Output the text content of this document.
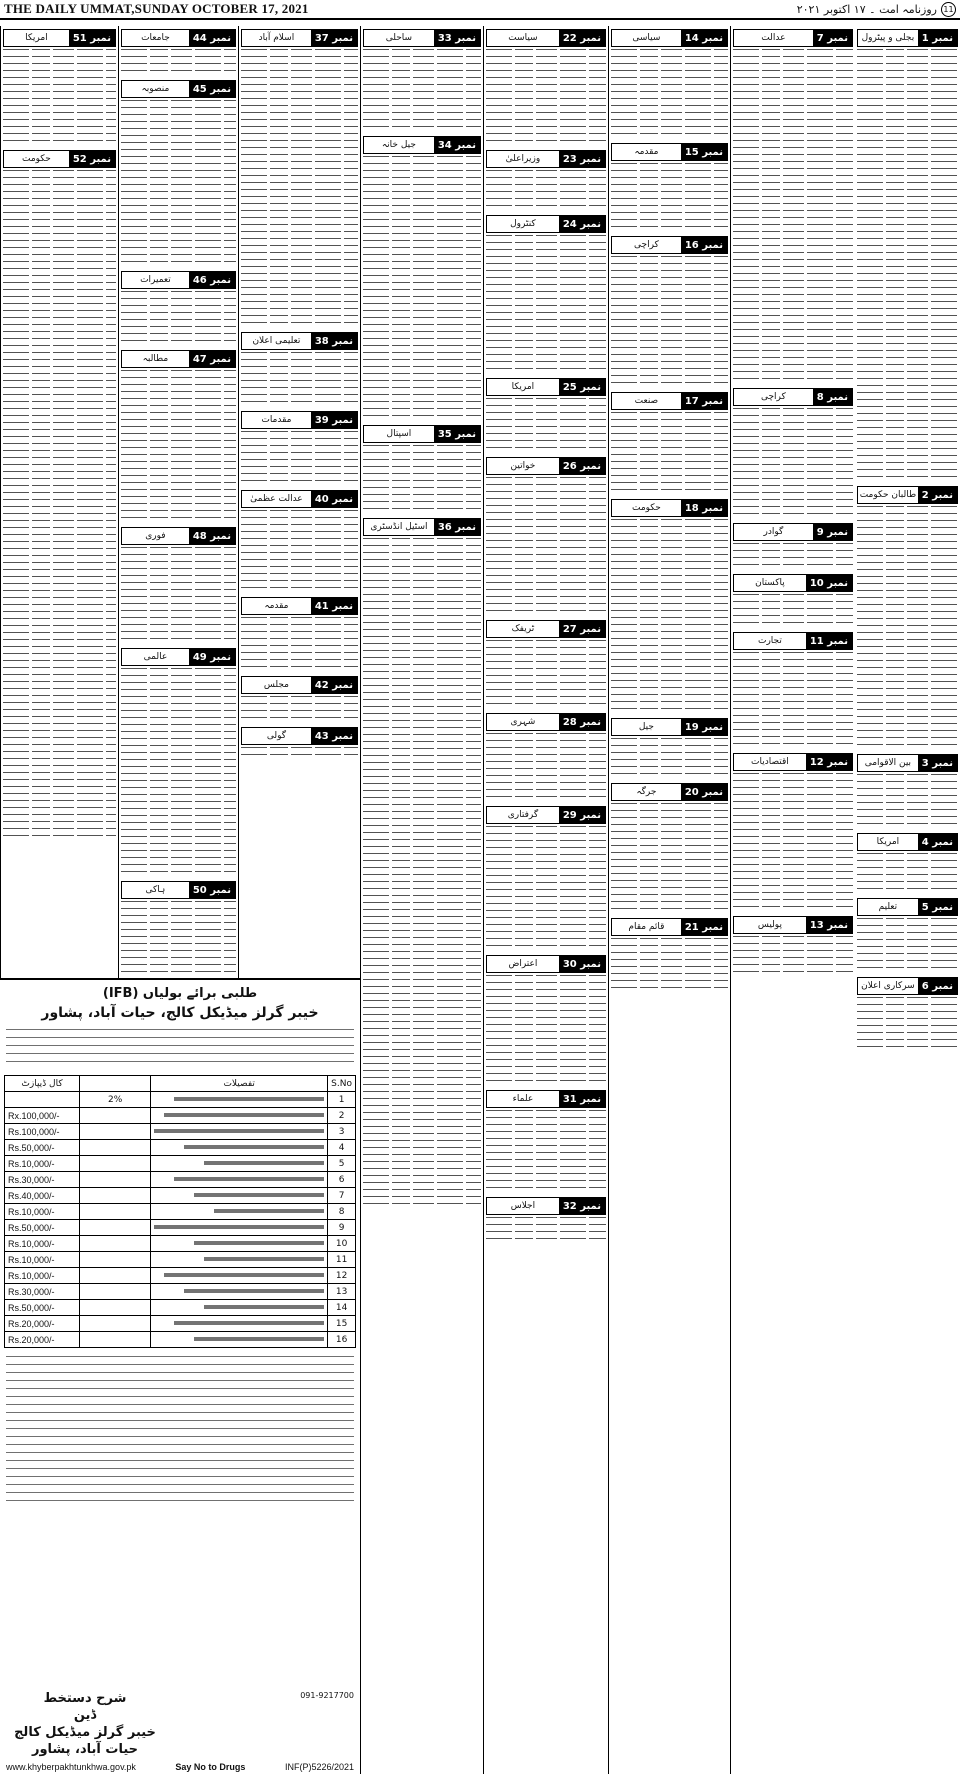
THE DAILY UMMAT,SUNDAY OCTOBER 17, 2021	11
روزنامہ امت ۔ ۱۷ اکتوبر ۲۰۲۱
نمبر 1
بجلی و پیٹرول
نمبر 2
طالبان حکومت
نمبر 3
بین الاقوامی
نمبر 4
امریکا
نمبر 5
تعلیم
نمبر 6
سرکاری اعلان
نمبر 7
عدالت
نمبر 8
کراچی
نمبر 9
گوادر
نمبر 10
پاکستان
نمبر 11
تجارت
نمبر 12
اقتصادیات
نمبر 13
پولیس
نمبر 14
سیاسی
نمبر 15
مقدمہ
نمبر 16
کراچی
نمبر 17
صنعت
نمبر 18
حکومت
نمبر 19
جیل
نمبر 20
جرگہ
نمبر 21
قائم مقام
نمبر 22
سیاست
نمبر 23
وزیراعلیٰ
نمبر 24
کنٹرول
نمبر 25
امریکا
نمبر 26
خواتین
نمبر 27
ٹریفک
نمبر 28
شہری
نمبر 29
گرفتاری
نمبر 30
اعتراض
نمبر 31
علماء
نمبر 32
اجلاس
نمبر 33
ساحلی
نمبر 34
جیل خانہ
نمبر 35
اسپتال
نمبر 36
اسٹیل انڈسٹری
نمبر 37
اسلام آباد
نمبر 38
تعلیمی اعلان
نمبر 39
مقدمات
نمبر 40
عدالت عظمیٰ
نمبر 41
مقدمہ
نمبر 42
مجلس
نمبر 43
گولی
نمبر 44
جامعات
نمبر 45
منصوبہ
نمبر 46
تعمیرات
نمبر 47
مطالبہ
نمبر 48
فوری
نمبر 49
عالمی
نمبر 50
ہاکی
نمبر 51
امریکا
نمبر 52
حکومت
طلبی برائے بولیاں (IFB)
خیبر گرلز میڈیکل کالج، حیات آباد، پشاور
کال ڈیپازٹ		تفصیلات	S.No
	2%		1
Rx.100,000/-			2
Rs.100,000/-			3
Rs.50,000/-			4
Rs.10,000/-			5
Rs.30,000/-			6
Rs.40,000/-			7
Rs.10,000/-			8
Rs.50,000/-			9
Rs.10,000/-			10
Rs.10,000/-			11
Rs.10,000/-			12
Rs.30,000/-			13
Rs.50,000/-			14
Rs.20,000/-			15
Rs.20,000/-			16
شرح دستخط
ڈین
خیبر گرلز میڈیکل کالج
حیات آباد، پشاور
091-9217700
www.khyberpakhtunkhwa.gov.pk	Say No to Drugs	INF(P)5226/2021
